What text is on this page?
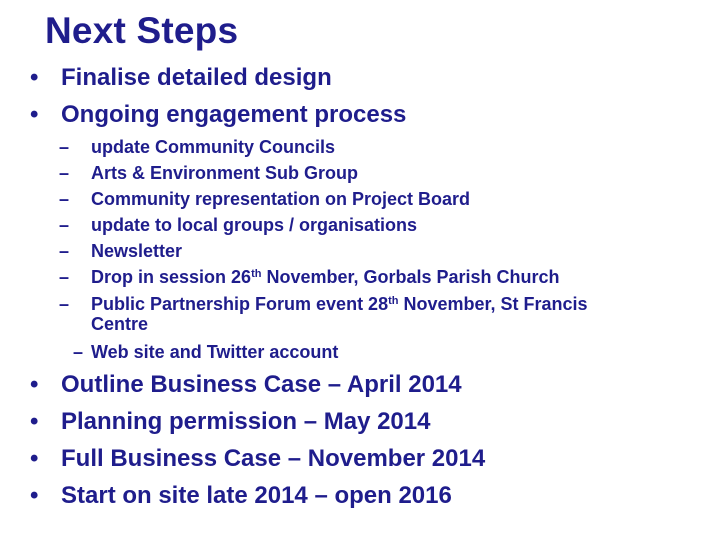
Next Steps
• Finalise detailed design
• Ongoing engagement process
– update Community Councils
– Arts & Environment Sub Group
– Community representation on Project Board
– update to local groups / organisations
– Newsletter
– Drop in session 26th November, Gorbals Parish Church
– Public Partnership Forum event 28th November, St Francis
Centre
– Web site and Twitter account
• Outline Business Case – April 2014
• Planning permission – May 2014
• Full Business Case – November 2014
• Start on site late 2014 – open 2016
